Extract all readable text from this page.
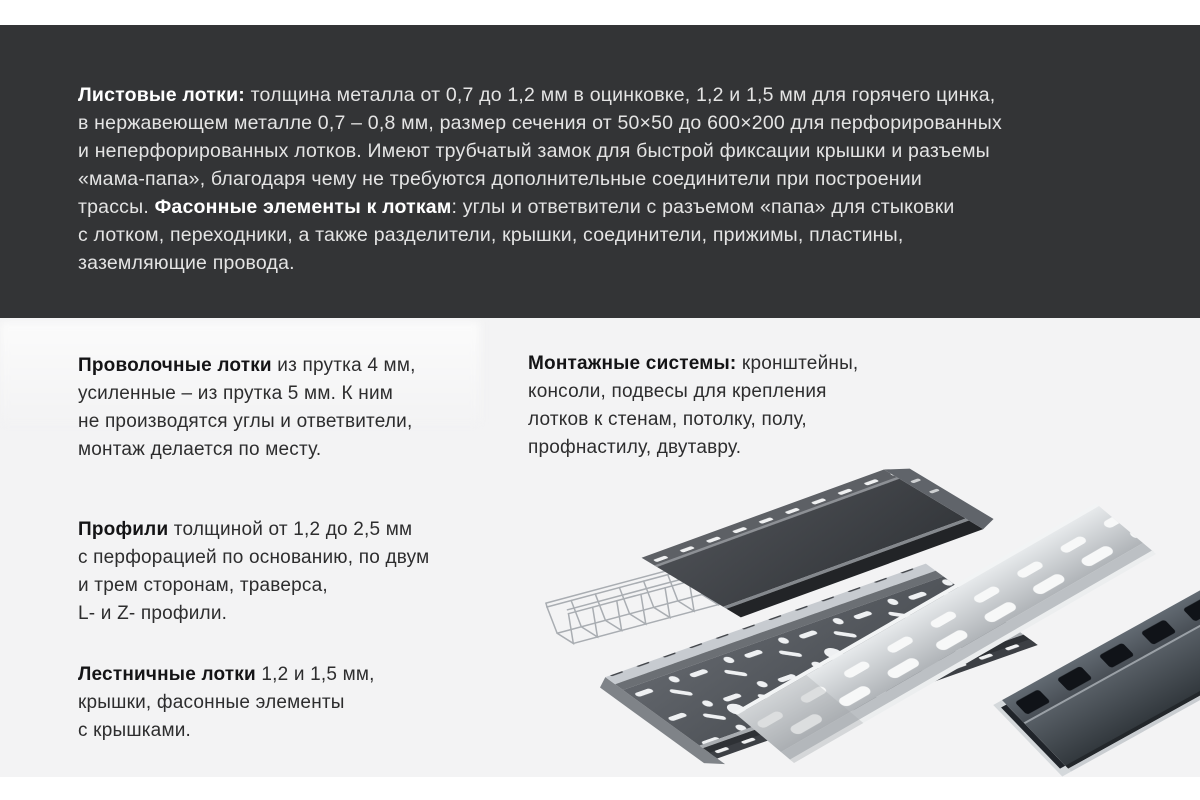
Листовые лотки: толщина металла от 0,7 до 1,2 мм в оцинковке, 1,2 и 1,5 мм для горячего цинка,
в нержавеющем металле 0,7 – 0,8 мм, размер сечения от 50×50 до 600×200 для перфорированных
и неперфорированных лотков. Имеют трубчатый замок для быстрой фиксации крышки и разъемы
«мама-папа», благодаря чему не требуются дополнительные соединители при построении
трассы. Фасонные элементы к лоткам: углы и ответвители с разъемом «папа» для стыковки
с лотком, переходники, а также разделители, крышки, соединители, прижимы, пластины,
заземляющие провода.
Проволочные лотки из прутка 4 мм,
усиленные – из прутка 5 мм. К ним
не производятся углы и ответвители,
монтаж делается по месту.
Профили толщиной от 1,2 до 2,5 мм
с перфорацией по основанию, по двум
и трем сторонам, траверса,
L- и Z- профили.
Лестничные лотки 1,2 и 1,5 мм,
крышки, фасонные элементы
с крышками.
Монтажные системы: кронштейны,
консоли, подвесы для крепления
лотков к стенам, потолку, полу,
профнастилу, двутавру.
